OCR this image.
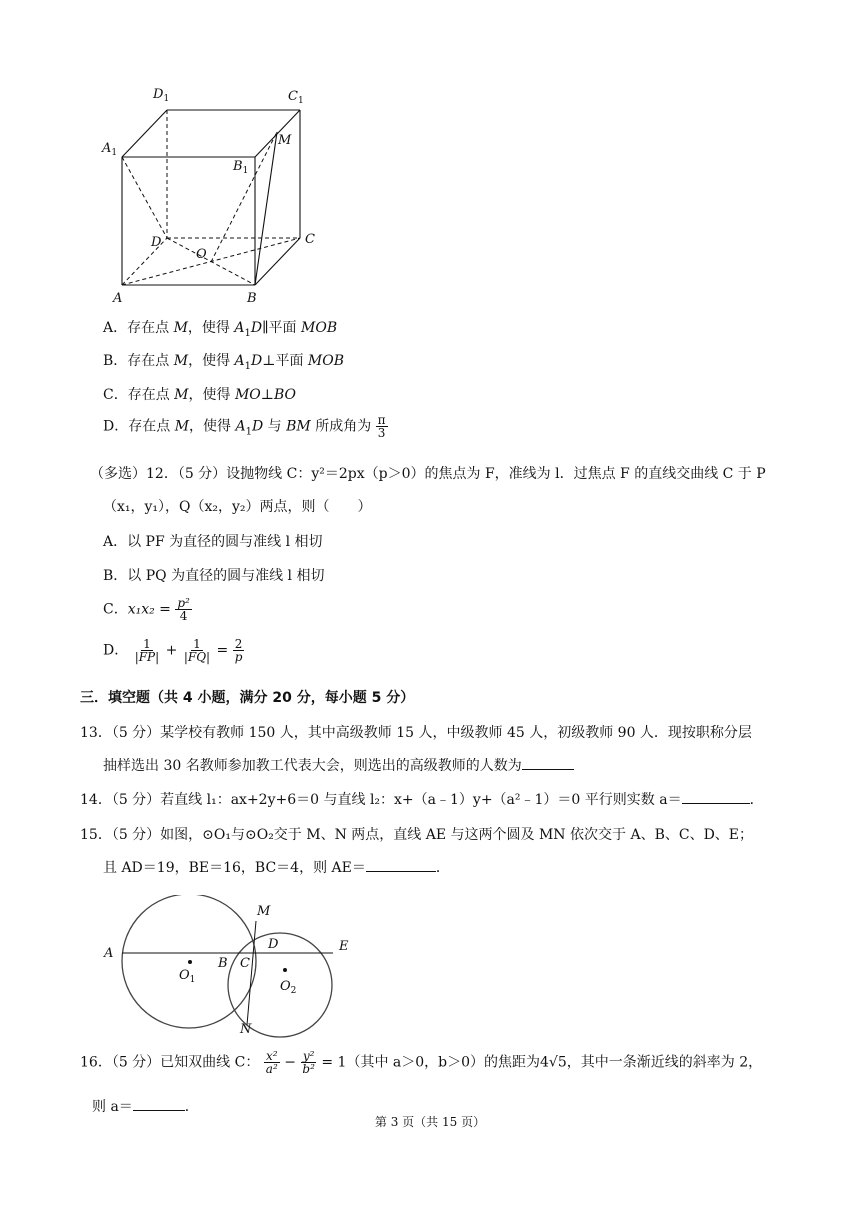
$D_1$	$C_1$
$A_1$
$B_1$
M
D
O
C
A	B
A．存在点 M，使得 $A_1D\parallel$平面 MOB
B．存在点 M，使得 $A_1D\perp$平面 MOB
C．存在点 M，使得 MO⊥BO
D．存在点 M，使得 $A_1D$ 与 BM 所成角为 $\frac{\pi}{3}$
（多选）12．（5 分）设抛物线 C：y²＝2px（p＞0）的焦点为 F，准线为 l．过焦点 F 的直线交曲线 C 于 P
（x₁，y₁），Q（x₂，y₂）两点，则（　　）
A．以 PF 为直径的圆与准线 l 相切
B．以 PQ 为直径的圆与准线 l 相切
C．$x_1x_2 = \frac{\text{p²}}{4}$
D． $\frac{1}{|FP|} + \frac{1}{|FQ|} = \frac{2}{p}$
三．填空题（共 4 小题，满分 20 分，每小题 5 分）
13．（5 分）某学校有教师 150 人，其中高级教师 15 人，中级教师 45 人，初级教师 90 人．现按职称分层
抽样选出 30 名教师参加教工代表大会，则选出的高级教师的人数为
14．（5 分）若直线 l₁：ax+2y+6＝0 与直线 l₂：x+（a﹣1）y+（a²﹣1）＝0 平行则实数 a＝	．
15．（5 分）如图，⊙O₁与⊙O₂交于 M、N 两点，直线 AE 与这两个圆及 MN 依次交于 A、B、C、D、E；
且 AD＝19，BE＝16，BC＝4，则 AE＝	．
A
M
D	E
B C
N
$O_1$	$O_2$
16．（5 分）已知双曲线 C： $\frac{\text{x²}}{\text{a²}} - \frac{\text{y²}}{\text{b²}} = 1$（其中 a＞0，b＞0）的焦距为4√5，其中一条渐近线的斜率为 2，
则 a＝	．
第 3 页（共 15 页）
